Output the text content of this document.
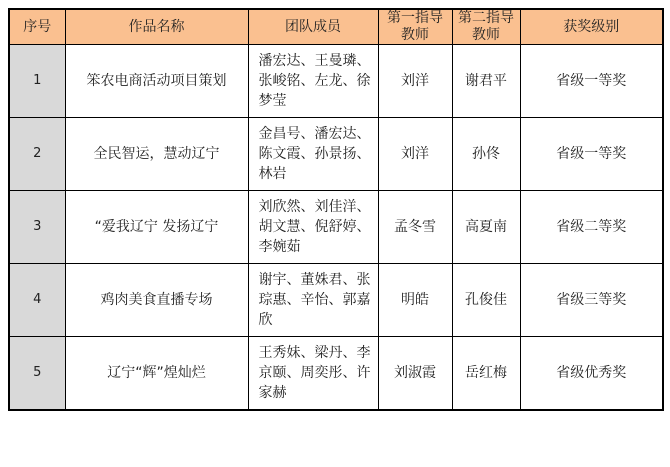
序号	作品名称	团队成员	第一指导教师	第二指导教师	获奖级别
1	笨农电商活动项目策划	潘宏达、王曼璘、张峻铭、左龙、徐梦莹	刘洋	谢君平	省级一等奖
2	全民智运，慧动辽宁	金昌号、潘宏达、陈文霞、孙景扬、林岩	刘洋	孙佟	省级一等奖
3	“爱我辽宁 发扬辽宁	刘欣然、刘佳洋、胡文慧、倪舒婷、李婉茹	孟冬雪	高夏南	省级二等奖
4	鸡肉美食直播专场	谢宇、董姝君、张琮惠、辛怡、郭嘉欣	明皓	孔俊佳	省级三等奖
5	辽宁“辉”煌灿烂	王秀妹、梁丹、李京颐、周奕彤、许家赫	刘淑霞	岳红梅	省级优秀奖
